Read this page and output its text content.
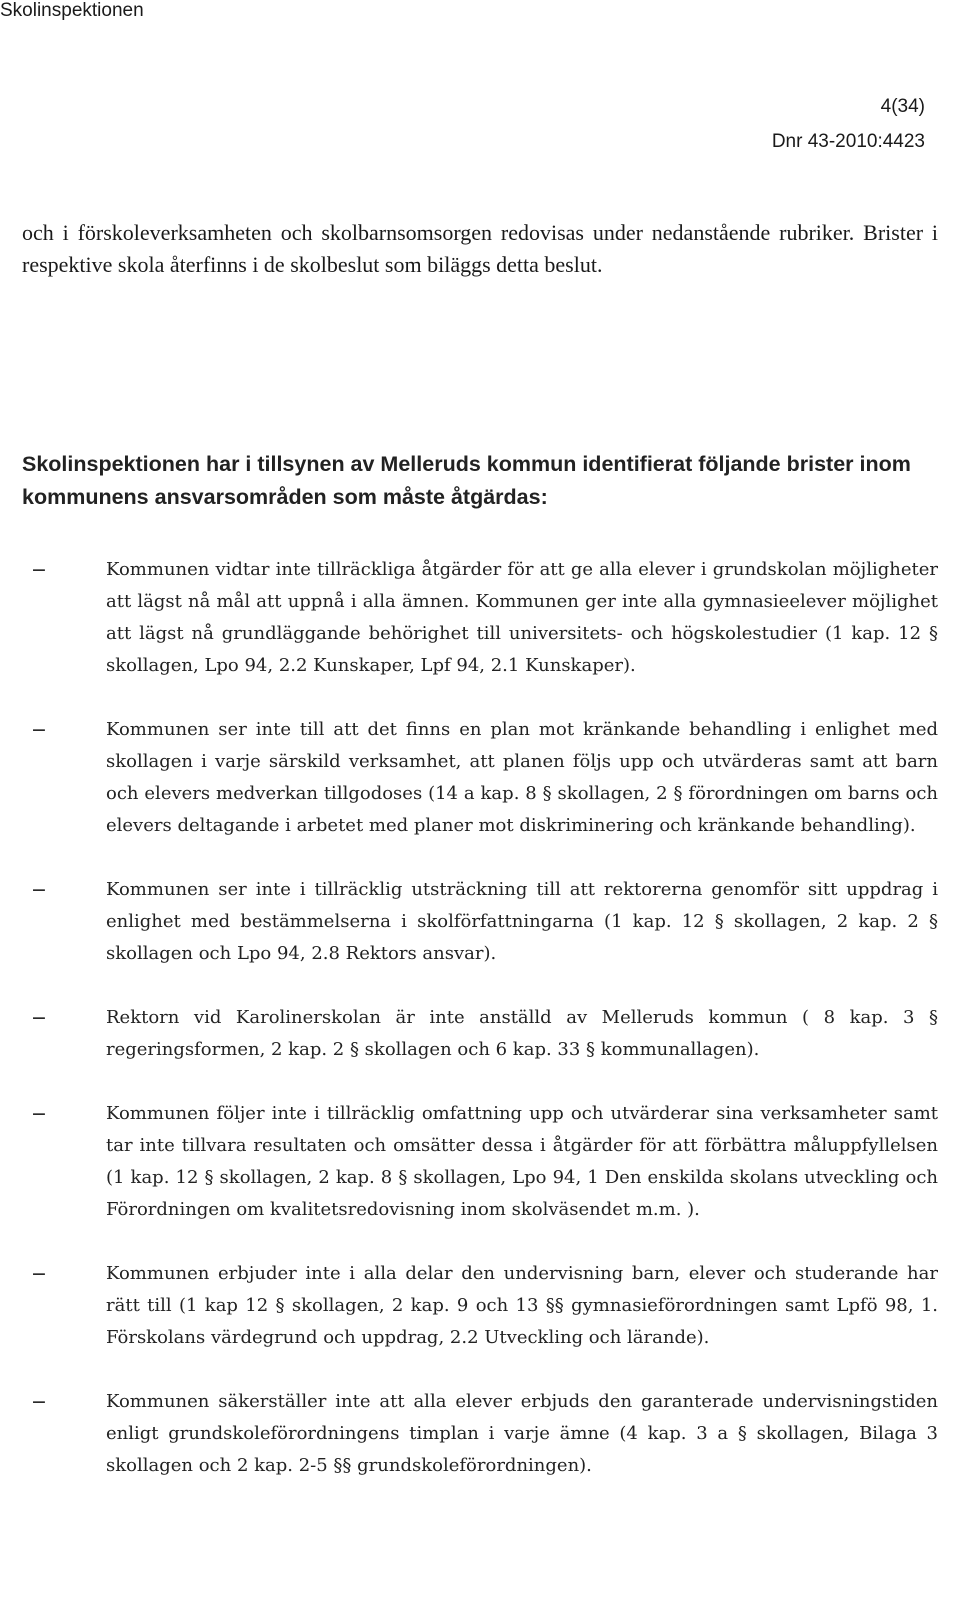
Skolinspektionen
4(34)
Dnr 43-2010:4423

och i förskoleverksamheten och skolbarnsomsorgen redovisas under nedanstående rubriker. Brister i respektive skola återfinns i de skolbeslut som biläggs detta beslut.

Skolinspektionen har i tillsynen av Melleruds kommun identifierat följande brister inom kommunens ansvarsområden som måste åtgärdas:
−	Kommunen vidtar inte tillräckliga åtgärder för att ge alla elever i grundskolan möjligheter att lägst nå mål att uppnå i alla ämnen. Kommunen ger inte alla gymnasieelever möjlighet att lägst nå grundläggande behörighet till universitets- och högskolestudier (1 kap. 12 § skollagen, Lpo 94, 2.2 Kunskaper, Lpf 94, 2.1 Kunskaper).
−	Kommunen ser inte till att det finns en plan mot kränkande behandling i enlighet med skollagen i varje särskild verksamhet, att planen följs upp och utvärderas samt att barn och elevers medverkan tillgodoses (14 a kap. 8 § skollagen, 2 § förordningen om barns och elevers deltagande i arbetet med planer mot diskriminering och kränkande behandling).
−	Kommunen ser inte i tillräcklig utsträckning till att rektorerna genomför sitt uppdrag i enlighet med bestämmelserna i skolförfattningarna (1 kap. 12 § skollagen, 2 kap. 2 § skollagen och Lpo 94, 2.8 Rektors ansvar).
−	Rektorn vid Karolinerskolan är inte anställd av Melleruds kommun ( 8 kap. 3 § regeringsformen, 2 kap. 2 § skollagen och 6 kap. 33 § kommunallagen).
−	Kommunen följer inte i tillräcklig omfattning upp och utvärderar sina verksamheter samt tar inte tillvara resultaten och omsätter dessa i åtgärder för att förbättra måluppfyllelsen (1 kap. 12 § skollagen, 2 kap. 8 § skollagen, Lpo 94, 1 Den enskilda skolans utveckling och Förordningen om kvalitetsredovisning inom skolväsendet m.m. ).
−	Kommunen erbjuder inte i alla delar den undervisning barn, elever och studerande har rätt till (1 kap 12 § skollagen, 2 kap. 9 och 13 §§ gymnasieförordningen samt Lpfö 98, 1. Förskolans värdegrund och uppdrag, 2.2 Utveckling och lärande).
−	Kommunen säkerställer inte att alla elever erbjuds den garanterade undervisningstiden enligt grundskoleförordningens timplan i varje ämne (4 kap. 3 a § skollagen, Bilaga 3 skollagen och 2 kap. 2-5 §§ grundskoleförordningen).
